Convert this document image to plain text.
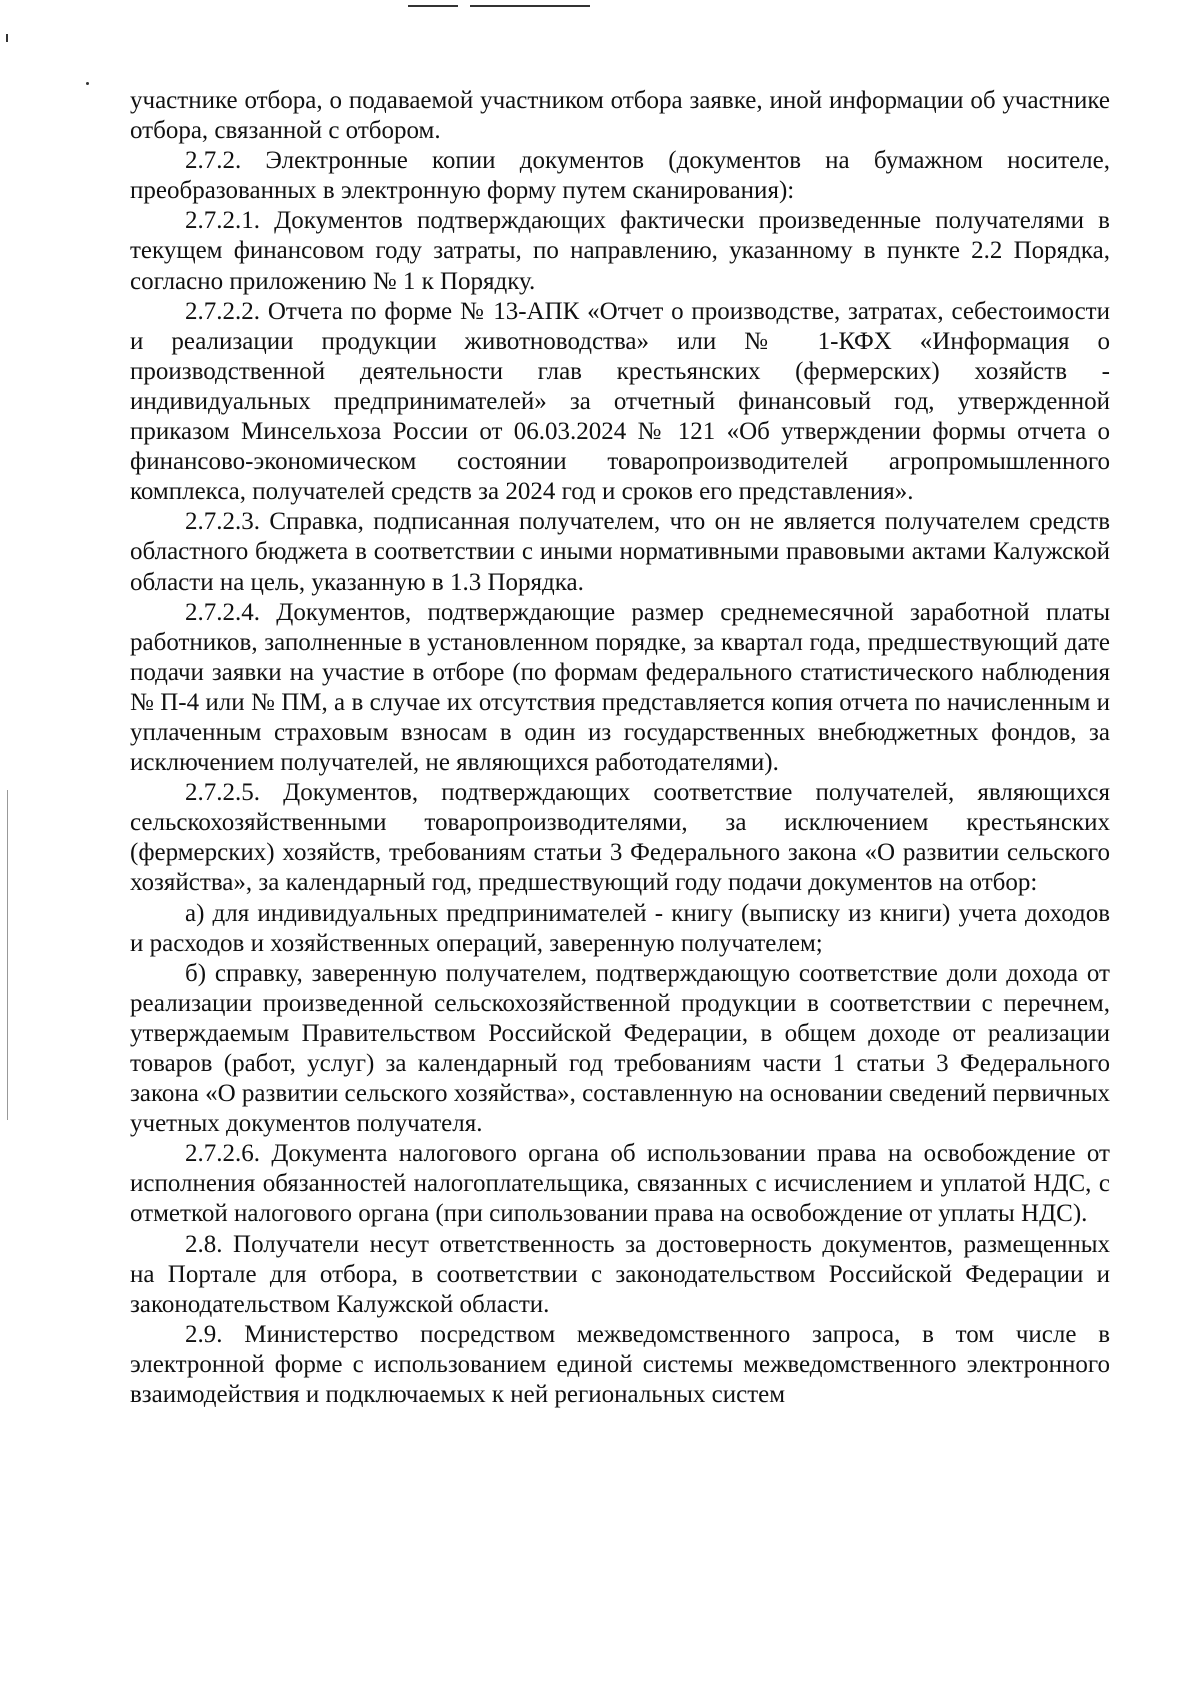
участнике отбора, о подаваемой участником отбора заявке, иной информации об участнике отбора, связанной с отбором.

2.7.2. Электронные копии документов (документов на бумажном носителе, преобразованных в электронную форму путем сканирования):

2.7.2.1. Документов подтверждающих фактически произведенные получателями в текущем финансовом году затраты, по направлению, указанному в пункте 2.2 Порядка, согласно приложению № 1 к Порядку.

2.7.2.2. Отчета по форме № 13-АПК «Отчет о производстве, затратах, себестоимости и реализации продукции животноводства» или № 1-КФХ «Информация о производственной деятельности глав крестьянских (фермерских) хозяйств - индивидуальных предпринимателей» за отчетный финансовый год, утвержденной приказом Минсельхоза России от 06.03.2024 № 121 «Об утверждении формы отчета о финансово-экономическом состоянии товаропроизводителей агропромышленного комплекса, получателей средств за 2024 год и сроков его представления».

2.7.2.3. Справка, подписанная получателем, что он не является получателем средств областного бюджета в соответствии с иными нормативными правовыми актами Калужской области на цель, указанную в 1.3 Порядка.

2.7.2.4. Документов, подтверждающие размер среднемесячной заработной платы работников, заполненные в установленном порядке, за квартал года, предшествующий дате подачи заявки на участие в отборе (по формам федерального статистического наблюдения № П-4 или № ПМ, а в случае их отсутствия представляется копия отчета по начисленным и уплаченным страховым взносам в один из государственных внебюджетных фондов, за исключением получателей, не являющихся работодателями).

2.7.2.5. Документов, подтверждающих соответствие получателей, являющихся сельскохозяйственными товаропроизводителями, за исключением крестьянских (фермерских) хозяйств, требованиям статьи 3 Федерального закона «О развитии сельского хозяйства», за календарный год, предшествующий году подачи документов на отбор:

а) для индивидуальных предпринимателей - книгу (выписку из книги) учета доходов и расходов и хозяйственных операций, заверенную получателем;

б) справку, заверенную получателем, подтверждающую соответствие доли дохода от реализации произведенной сельскохозяйственной продукции в соответствии с перечнем, утверждаемым Правительством Российской Федерации, в общем доходе от реализации товаров (работ, услуг) за календарный год требованиям части 1 статьи 3 Федерального закона «О развитии сельского хозяйства», составленную на основании сведений первичных учетных документов получателя.

2.7.2.6. Документа налогового органа об использовании права на освобождение от исполнения обязанностей налогоплательщика, связанных с исчислением и уплатой НДС, с отметкой налогового органа (при сипользовании права на освобождение от уплаты НДС).

2.8. Получатели несут ответственность за достоверность документов, размещенных на Портале для отбора, в соответствии с законодательством Российской Федерации и законодательством Калужской области.

2.9. Министерство посредством межведомственного запроса, в том числе в электронной форме с использованием единой системы межведомственного электронного взаимодействия и подключаемых к ней региональных систем
